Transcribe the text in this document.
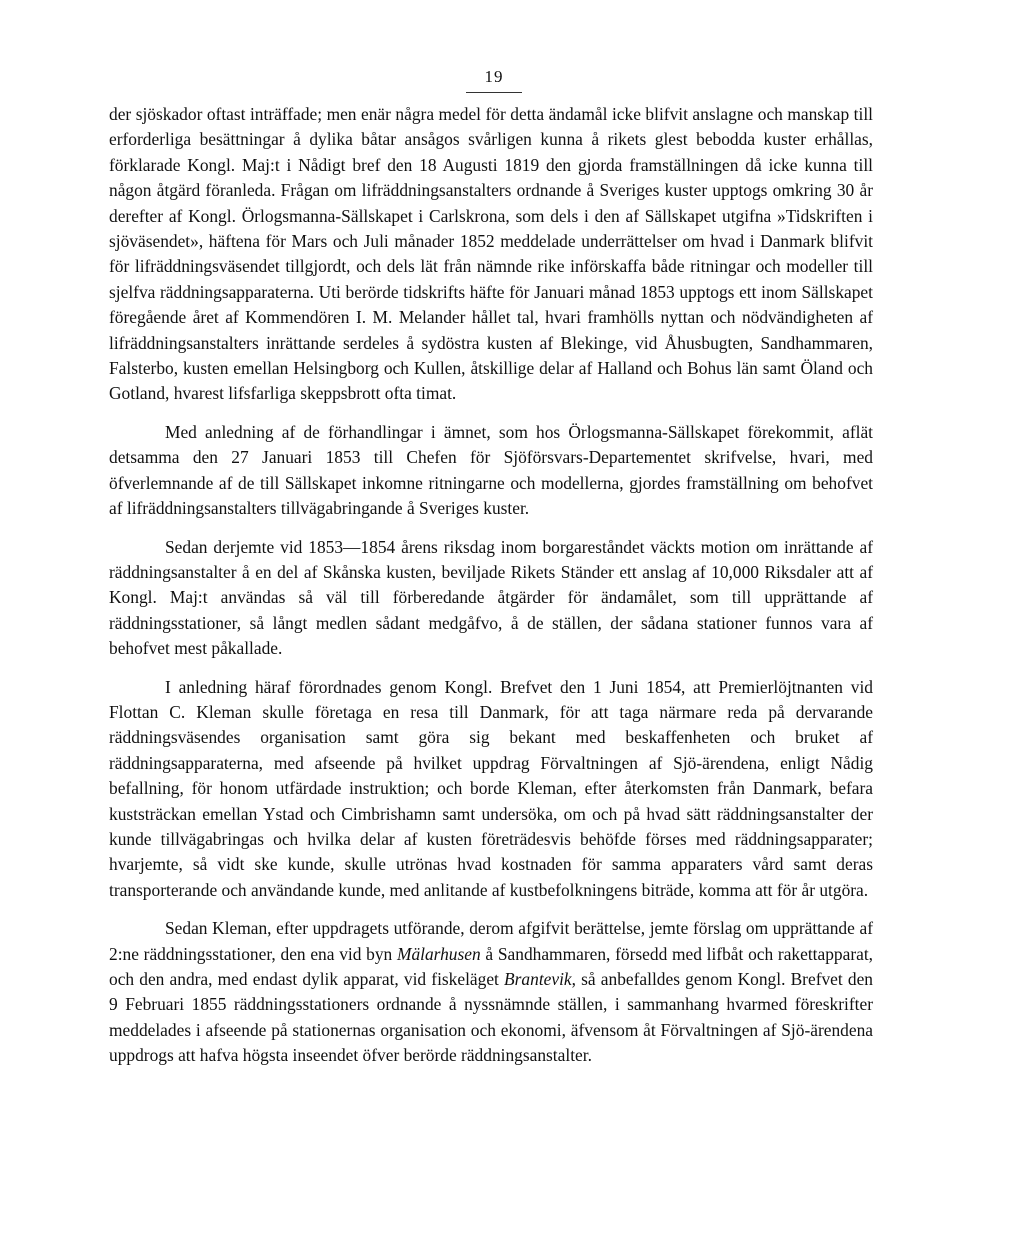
19

der sjöskador oftast inträffade; men enär några medel för detta ändamål icke blifvit anslagne och manskap till erforderliga besättningar å dylika båtar ansågos svårligen kunna å rikets glest bebodda kuster erhållas, förklarade Kongl. Maj:t i Nådigt bref den 18 Augusti 1819 den gjorda framställningen då icke kunna till någon åtgärd föranleda. Frågan om lifräddningsanstalters ordnande å Sveriges kuster upptogs omkring 30 år derefter af Kongl. Örlogsmanna-Sällskapet i Carlskrona, som dels i den af Sällskapet utgifna »Tidskriften i sjöväsendet», häftena för Mars och Juli månader 1852 meddelade underrättelser om hvad i Danmark blifvit för lifräddningsväsendet tillgjordt, och dels lät från nämnde rike införskaffa både ritningar och modeller till sjelfva räddningsapparaterna. Uti berörde tidskrifts häfte för Januari månad 1853 upptogs ett inom Sällskapet föregående året af Kommendören I. M. Melander hållet tal, hvari framhölls nyttan och nödvändigheten af lifräddningsanstalters inrättande serdeles å sydöstra kusten af Blekinge, vid Åhusbugten, Sandhammaren, Falsterbo, kusten emellan Helsingborg och Kullen, åtskillige delar af Halland och Bohus län samt Öland och Gotland, hvarest lifsfarliga skeppsbrott ofta timat.

Med anledning af de förhandlingar i ämnet, som hos Örlogsmanna-Sällskapet förekommit, aflät detsamma den 27 Januari 1853 till Chefen för Sjöförsvars-Departementet skrifvelse, hvari, med öfverlemnande af de till Sällskapet inkomne ritningarne och modellerna, gjordes framställning om behofvet af lifräddningsanstalters tillvägabringande å Sveriges kuster.

Sedan derjemte vid 1853—1854 årens riksdag inom borgareståndet väckts motion om inrättande af räddningsanstalter å en del af Skånska kusten, beviljade Rikets Ständer ett anslag af 10,000 Riksdaler att af Kongl. Maj:t användas så väl till förberedande åtgärder för ändamålet, som till upprättande af räddningsstationer, så långt medlen sådant medgåfvo, å de ställen, der sådana stationer funnos vara af behofvet mest påkallade.

I anledning häraf förordnades genom Kongl. Brefvet den 1 Juni 1854, att Premierlöjtnanten vid Flottan C. Kleman skulle företaga en resa till Danmark, för att taga närmare reda på dervarande räddningsväsendes organisation samt göra sig bekant med beskaffenheten och bruket af räddningsapparaterna, med afseende på hvilket uppdrag Förvaltningen af Sjö-ärendena, enligt Nådig befallning, för honom utfärdade instruktion; och borde Kleman, efter återkomsten från Danmark, befara kuststräckan emellan Ystad och Cimbrishamn samt undersöka, om och på hvad sätt räddningsanstalter der kunde tillvägabringas och hvilka delar af kusten företrädesvis behöfde förses med räddningsapparater; hvarjemte, så vidt ske kunde, skulle utrönas hvad kostnaden för samma apparaters vård samt deras transporterande och användande kunde, med anlitande af kustbefolkningens biträde, komma att för år utgöra.

Sedan Kleman, efter uppdragets utförande, derom afgifvit berättelse, jemte förslag om upprättande af 2:ne räddningsstationer, den ena vid byn Mälarhusen å Sandhammaren, försedd med lifbåt och rakettapparat, och den andra, med endast dylik apparat, vid fiskeläget Brantevik, så anbefalldes genom Kongl. Brefvet den 9 Februari 1855 räddningsstationers ordnande å nyssnämnde ställen, i sammanhang hvarmed föreskrifter meddelades i afseende på stationernas organisation och ekonomi, äfvensom åt Förvaltningen af Sjö-ärendena uppdrogs att hafva högsta inseendet öfver berörde räddningsanstalter.
